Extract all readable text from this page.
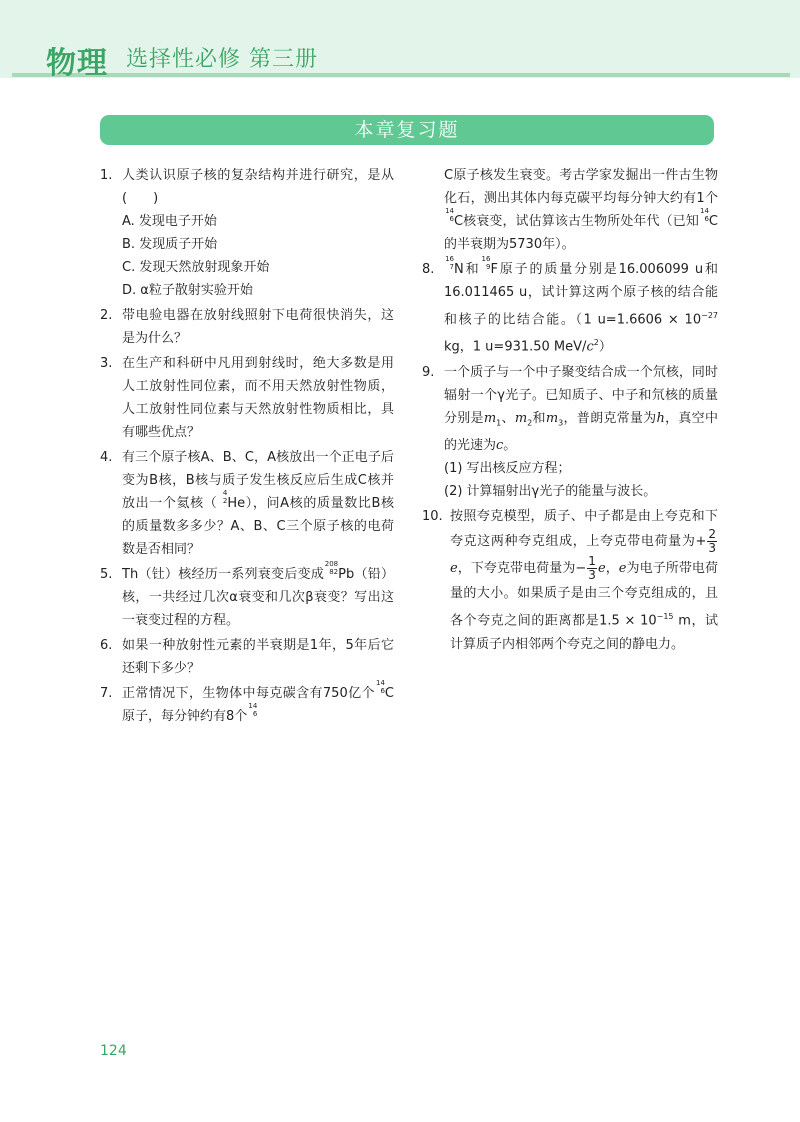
物理 选择性必修 第三册
本章复习题

1. 人类认识原子核的复杂结构并进行研究，是从(　　)

A. 发现电子开始

B. 发现质子开始

C. 发现天然放射现象开始

D. α粒子散射实验开始

2. 带电验电器在放射线照射下电荷很快消失，这是为什么？

3. 在生产和科研中凡用到射线时，绝大多数是用人工放射性同位素，而不用天然放射性物质，人工放射性同位素与天然放射性物质相比，具有哪些优点？

4. 有三个原子核A、B、C，A核放出一个正电子后变为B核，B核与质子发生核反应后生成C核并放出一个氦核（
4
2 He），问A核的质量数比B核的质量数多多少？A、B、C三个原子核的电荷数是否相同？

5. Th（钍）核经历一系列衰变后变成
208
82 Pb（铅）核，一共经过几次α衰变和几次β衰变？写出这一衰变过程的方程。

6. 如果一种放射性元素的半衰期是1年，5年后它还剩下多少？

7. 正常情况下，生物体中每克碳含有750亿个
14
6 C原子，每分钟约有8个
14
6

C原子核发生衰变。考古学家发掘出一件古生物化石，测出其体内每克碳平均每分钟大约有1个
14
6 C核衰变，试估算该古生物所处年代（已知
14
6 C的半衰期为5730年）。

8.
16
7 N和
16
9 F原子的质量分别是16.006099 u和16.011465 u，试计算这两个原子核的结合能和核子的比结合能。（1 $u=1.6606 \times 10^{-27}$ kg，1 u=931.50 MeV/$c^2$）

9. 一个质子与一个中子聚变结合成一个氘核，同时辐射一个γ光子。已知质子、中子和氘核的质量分别是$m_1$、$m_2$和$m_3$，普朗克常量为h，真空中的光速为c。

(1) 写出核反应方程；

(2) 计算辐射出γ光子的能量与波长。

10. 按照夸克模型，质子、中子都是由上夸克和下夸克这两种夸克组成，上夸克带电荷量为+ $\frac{2}{3}$
e，下夸克带电荷量为− $\frac{1}{3}$ e，e为电子所带电荷量的大小。如果质子是由三个夸克组成的，且各个夸克之间的距离都是$1.5 \times 10^{-15}$ m，试计算质子内相邻两个夸克之间的静电力。

124
